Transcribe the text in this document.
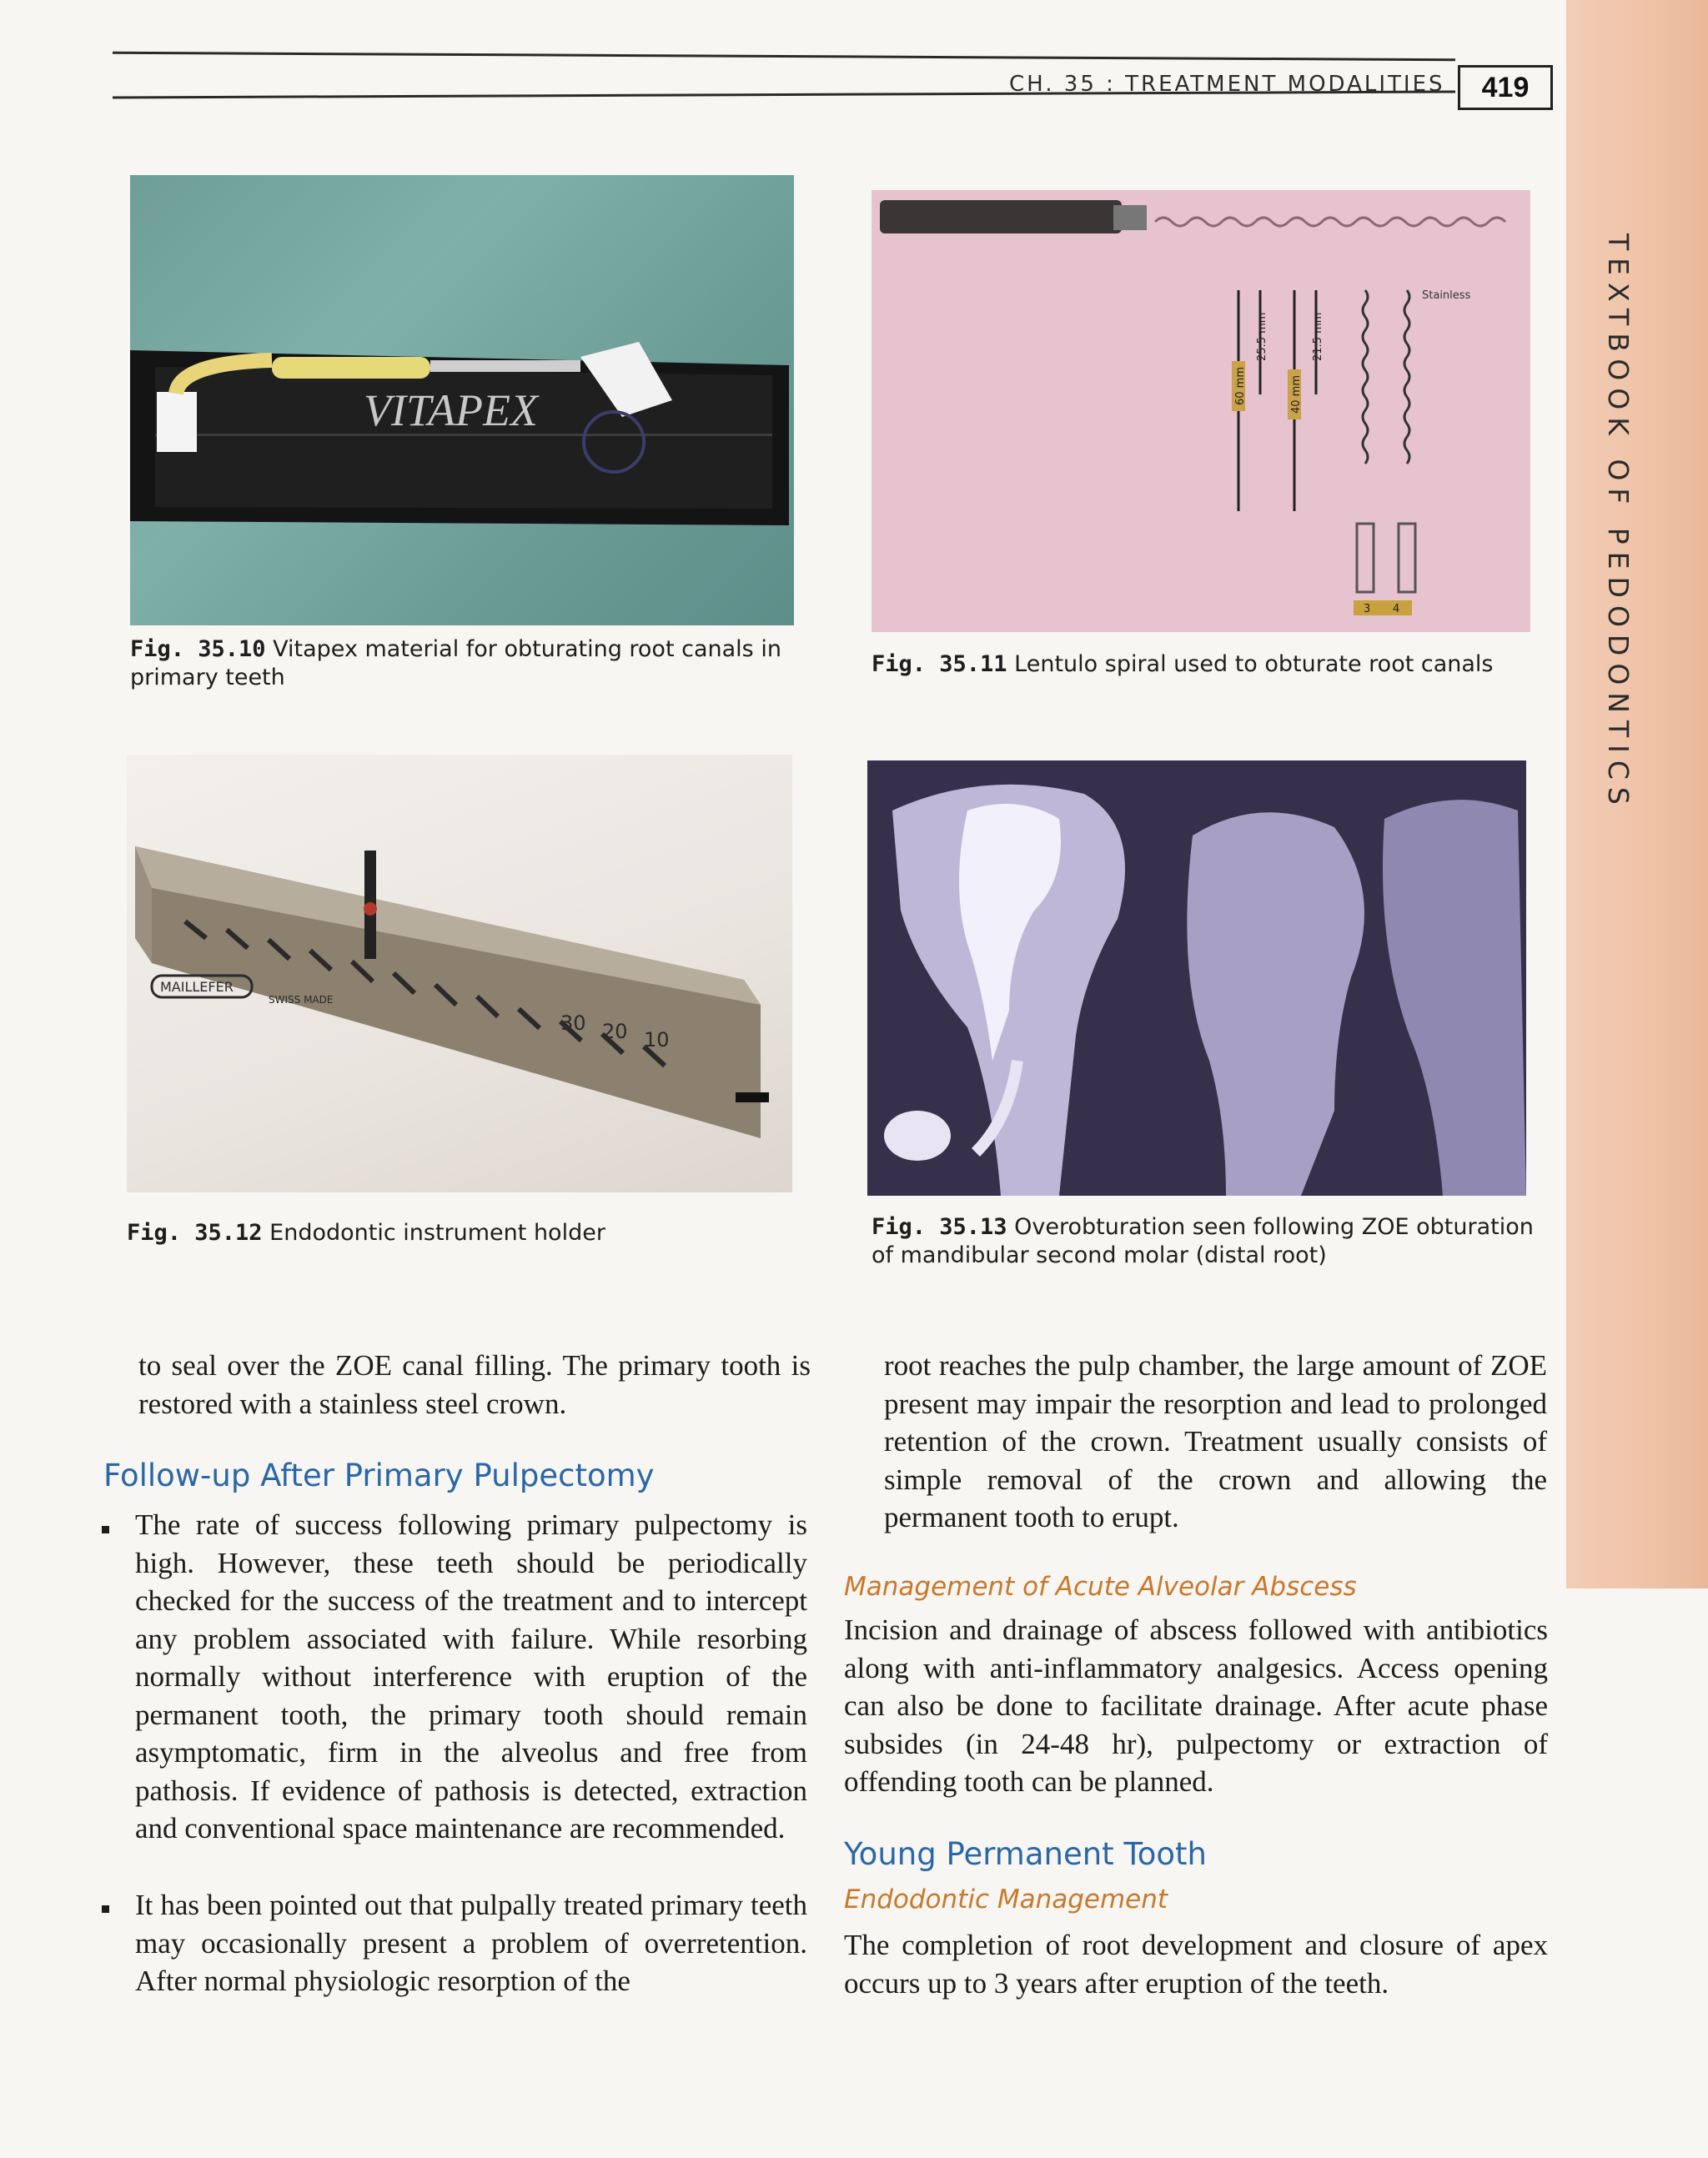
TEXTBOOK OF PEDODONTICS
CH. 35 : TREATMENT MODALITIES	419
VITAPEX
Fig. 35.10 Vitapex material for obturating root canals in primary teeth
60 mm
25.5 mm
40 mm
21.5 mm
Stainless
3 4
Fig. 35.11 Lentulo spiral used to obturate root canals
MAILLEFER
SWISS MADE
30 20 10
Fig. 35.12 Endodontic instrument holder	Fig. 35.13 Overobturation seen following ZOE obturation of mandibular second molar (distal root)
to seal over the ZOE canal filling. The primary tooth is restored with a stainless steel crown.
Follow-up After Primary Pulpectomy
The rate of success following primary pulpectomy is high. However, these teeth should be periodically checked for the success of the treatment and to intercept any problem associated with failure. While resorbing normally without interference with eruption of the permanent tooth, the primary tooth should remain asymptomatic, firm in the alveolus and free from pathosis. If evidence of pathosis is detected, extraction and conventional space maintenance are recommended.
It has been pointed out that pulpally treated primary teeth may occasionally present a problem of overretention. After normal physiologic resorption of the
root reaches the pulp chamber, the large amount of ZOE present may impair the resorption and lead to prolonged retention of the crown. Treatment usually consists of simple removal of the crown and allowing the permanent tooth to erupt.
Management of Acute Alveolar Abscess
Incision and drainage of abscess followed with antibiotics along with anti-inflammatory analgesics. Access opening can also be done to facilitate drainage. After acute phase subsides (in 24-48 hr), pulpectomy or extraction of offending tooth can be planned.
Young Permanent Tooth
Endodontic Management
The completion of root development and closure of apex occurs up to 3 years after eruption of the teeth.
